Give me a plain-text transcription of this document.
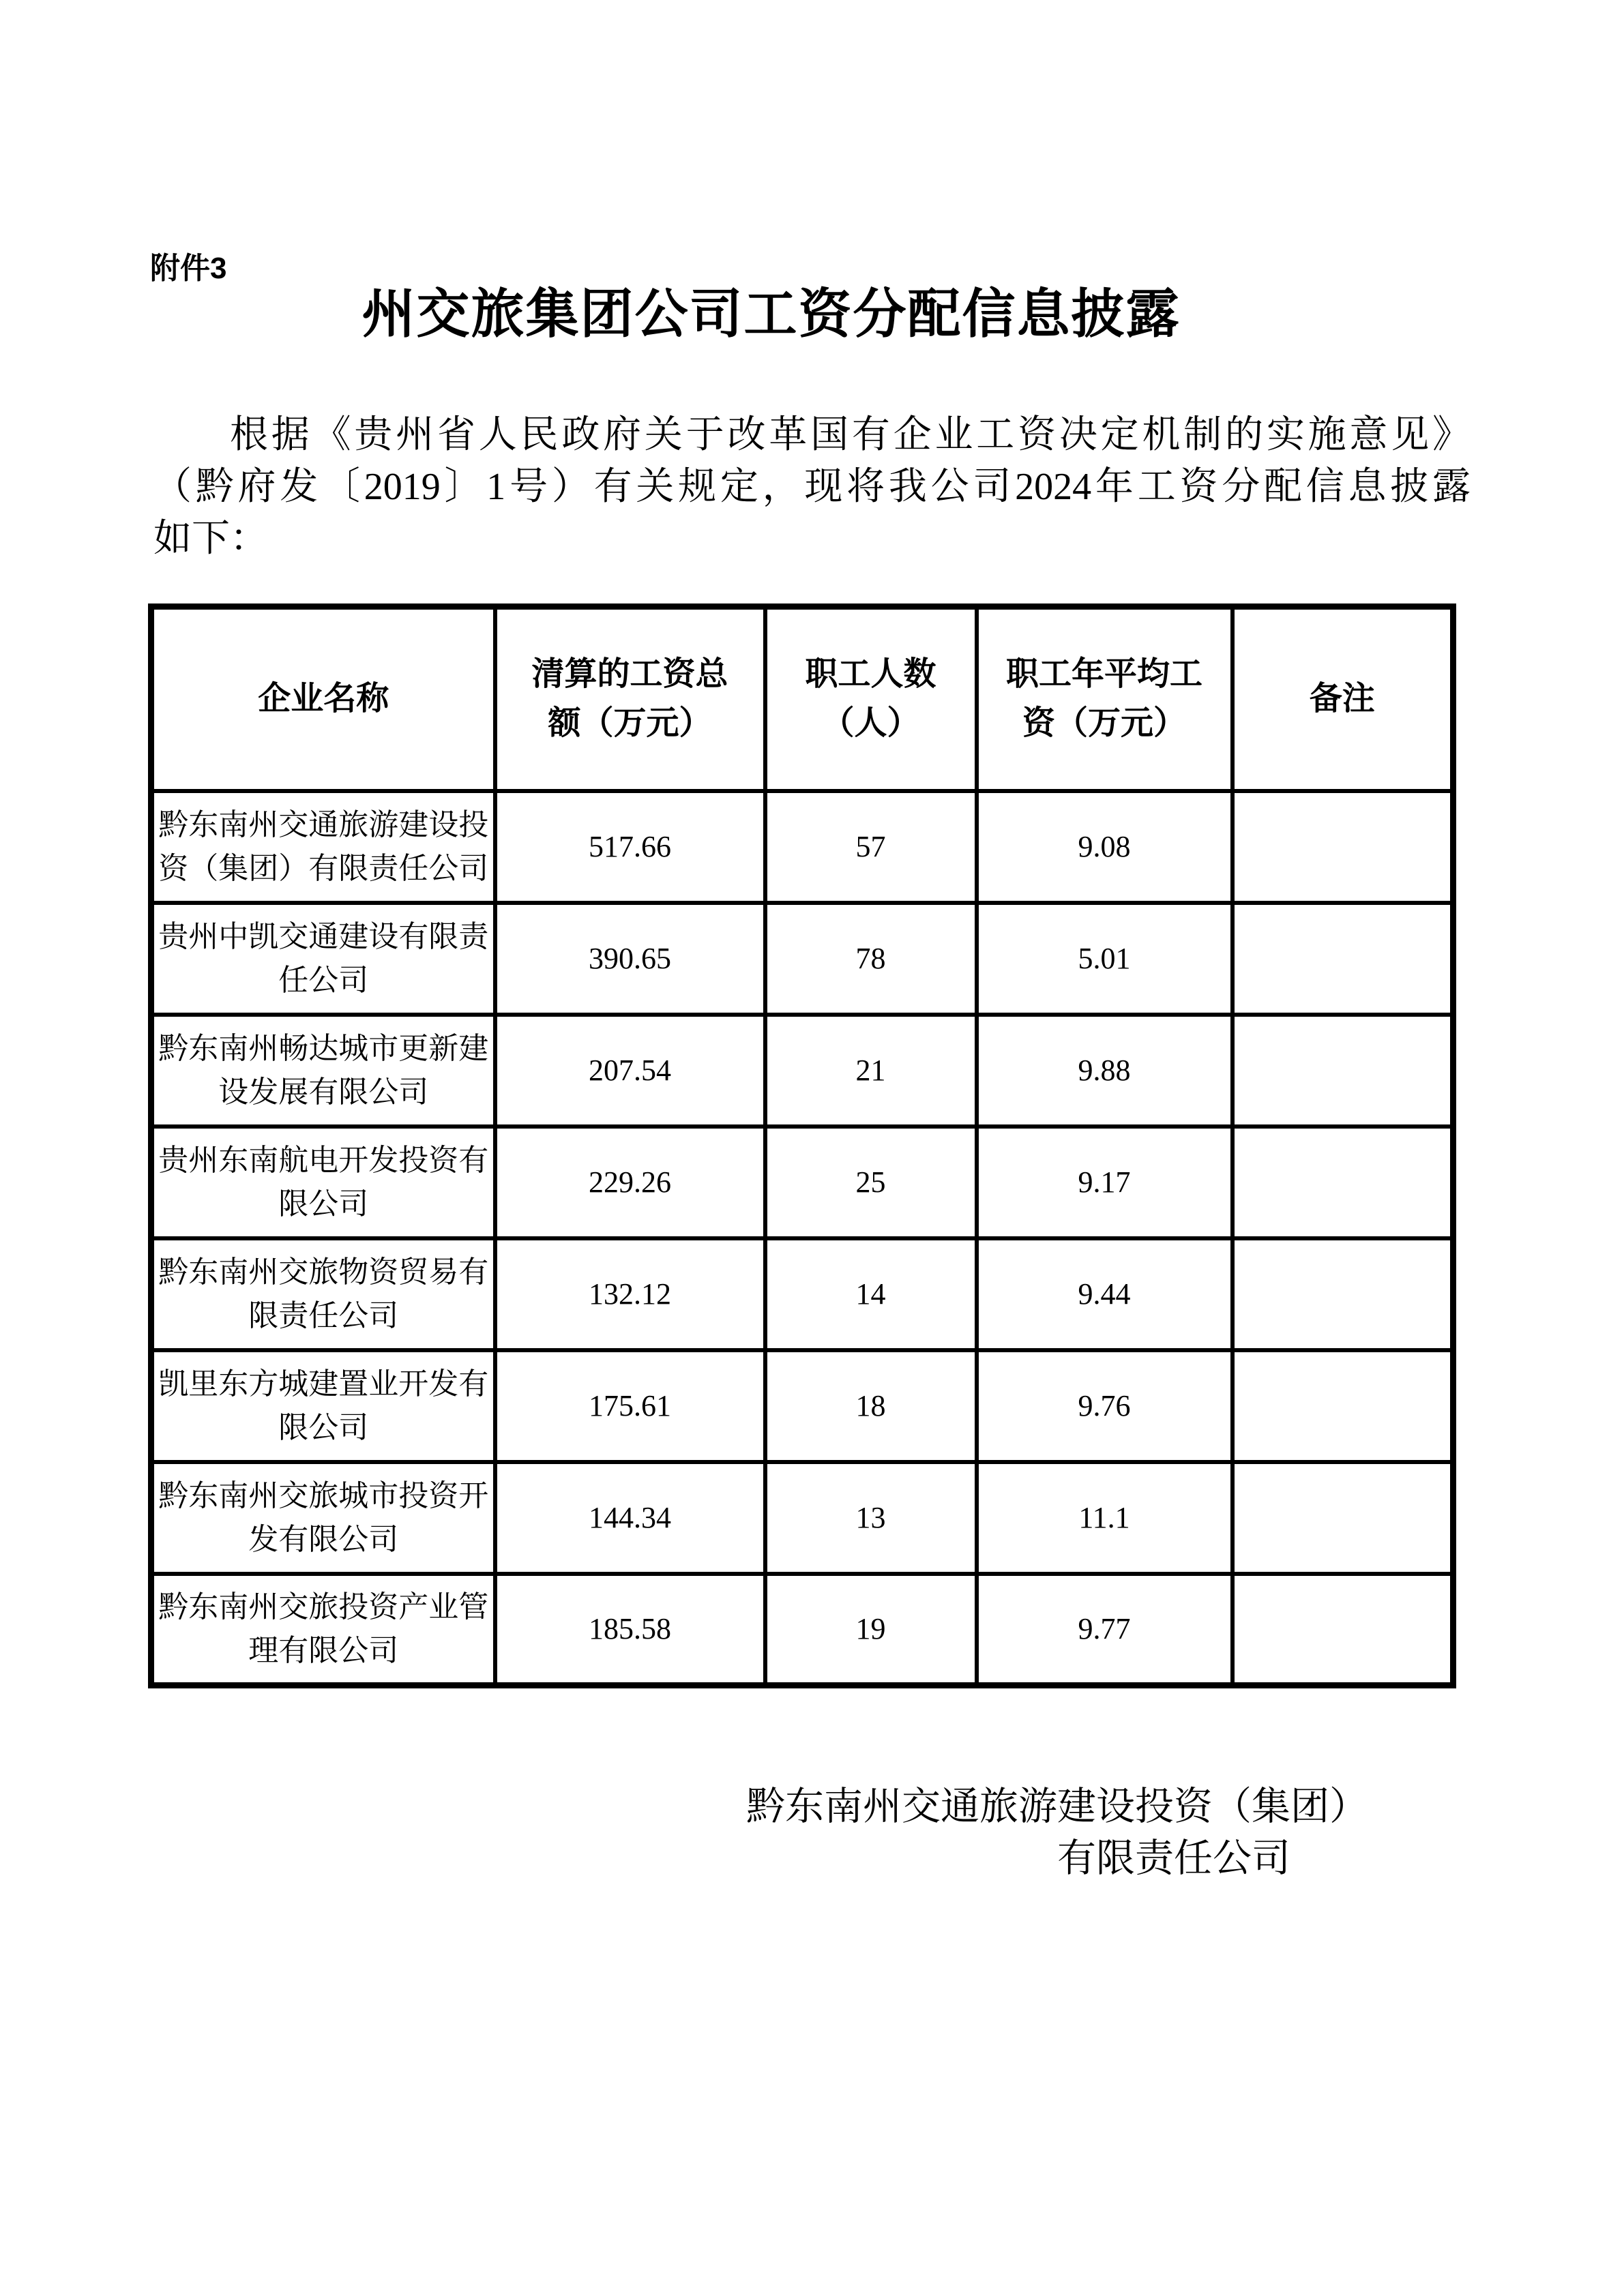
附件3
州交旅集团公司工资分配信息披露
根据《贵州省人民政府关于改革国有企业工资决定机制的实施意见》
（黔府发〔2019〕1号）有关规定，现将我公司2024年工资分配信息披露
如下：
企业名称	清算的工资总额（万元）	职工人数（人）	职工年平均工资（万元）	备注
黔东南州交通旅游建设投资（集团）有限责任公司	517.66	57	9.08	
贵州中凯交通建设有限责任公司	390.65	78	5.01	
黔东南州畅达城市更新建设发展有限公司	207.54	21	9.88	
贵州东南航电开发投资有限公司	229.26	25	9.17	
黔东南州交旅物资贸易有限责任公司	132.12	14	9.44	
凯里东方城建置业开发有限公司	175.61	18	9.76	
黔东南州交旅城市投资开发有限公司	144.34	13	11.1	
黔东南州交旅投资产业管理有限公司	185.58	19	9.77	
黔东南州交通旅游建设投资（集团）
有限责任公司
